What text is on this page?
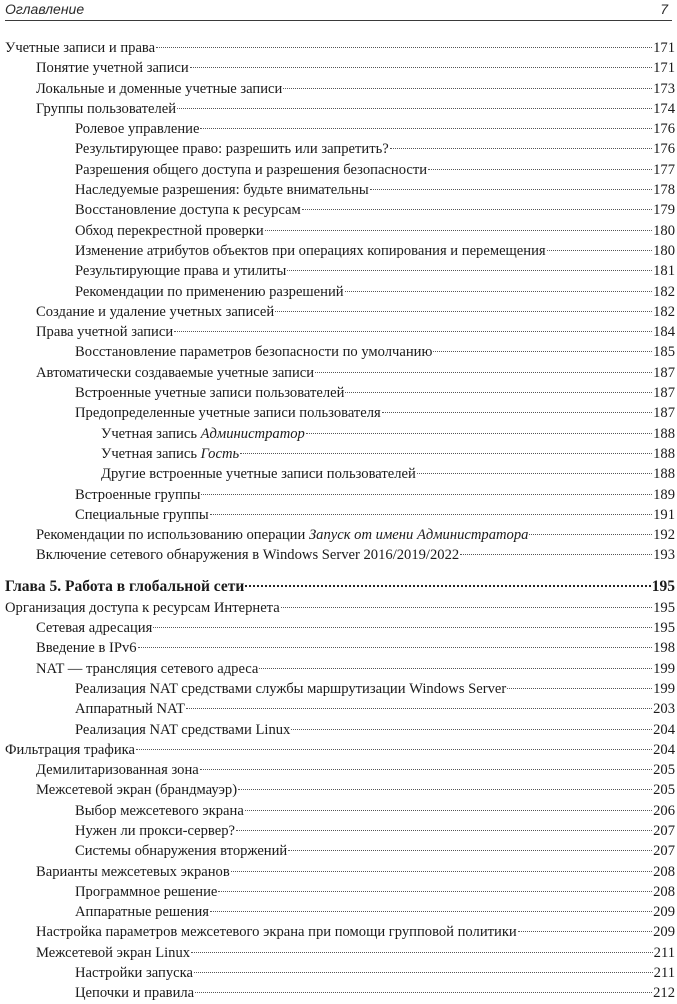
Оглавление	7
Учетные записи и права	171
Понятие учетной записи	171
Локальные и доменные учетные записи	173
Группы пользователей	174
Ролевое управление	176
Результирующее право: разрешить или запретить?	176
Разрешения общего доступа и разрешения безопасности	177
Наследуемые разрешения: будьте внимательны	178
Восстановление доступа к ресурсам	179
Обход перекрестной проверки	180
Изменение атрибутов объектов при операциях копирования и перемещения	180
Результирующие права и утилиты	181
Рекомендации по применению разрешений	182
Создание и удаление учетных записей	182
Права учетной записи	184
Восстановление параметров безопасности по умолчанию	185
Автоматически создаваемые учетные записи	187
Встроенные учетные записи пользователей	187
Предопределенные учетные записи пользователя	187
Учетная запись Администратор	188
Учетная запись Гость	188
Другие встроенные учетные записи пользователей	188
Встроенные группы	189
Специальные группы	191
Рекомендации по использованию операции Запуск от имени Администратора	192
Включение сетевого обнаружения в Windows Server 2016/2019/2022	193
Глава 5. Работа в глобальной сети	195
Организация доступа к ресурсам Интернета	195
Сетевая адресация	195
Введение в IPv6	198
NAT — трансляция сетевого адреса	199
Реализация NAT средствами службы маршрутизации Windows Server	199
Аппаратный NAT	203
Реализация NAT средствами Linux	204
Фильтрация трафика	204
Демилитаризованная зона	205
Межсетевой экран (брандмауэр)	205
Выбор межсетевого экрана	206
Нужен ли прокси-сервер?	207
Системы обнаружения вторжений	207
Варианты межсетевых экранов	208
Программное решение	208
Аппаратные решения	209
Настройка параметров межсетевого экрана при помощи групповой политики	209
Межсетевой экран Linux	211
Настройки запуска	211
Цепочки и правила	212
